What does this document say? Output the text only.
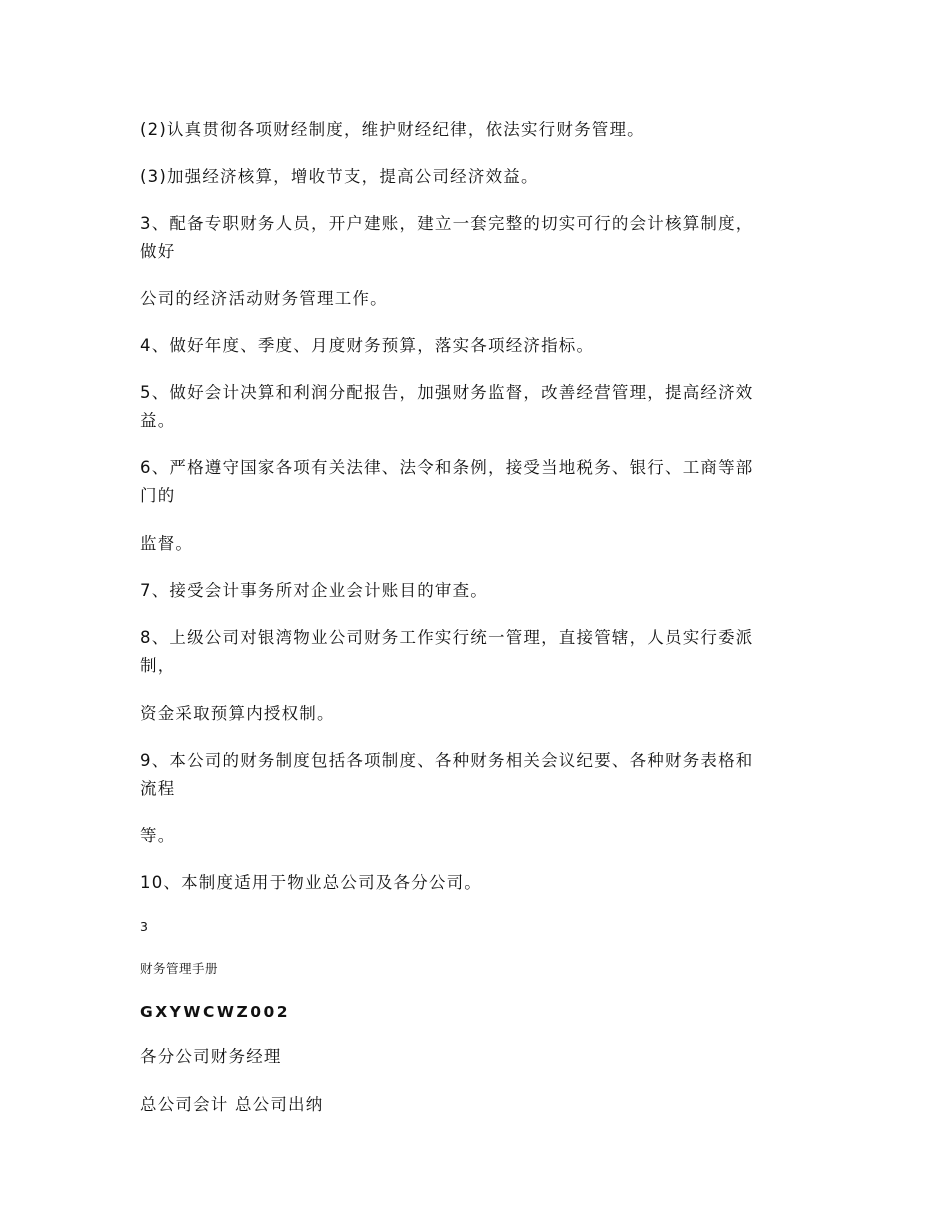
(2)认真贯彻各项财经制度，维护财经纪律，依法实行财务管理。

(3)加强经济核算，增收节支，提高公司经济效益。

3、配备专职财务人员，开户建账，建立一套完整的切实可行的会计核算制度，
做好

公司的经济活动财务管理工作。

4、做好年度、季度、月度财务预算，落实各项经济指标。

5、做好会计决算和利润分配报告，加强财务监督，改善经营管理，提高经济效
益。

6、严格遵守国家各项有关法律、法令和条例，接受当地税务、银行、工商等部
门的

监督。

7、接受会计事务所对企业会计账目的审查。

8、上级公司对银湾物业公司财务工作实行统一管理，直接管辖，人员实行委派
制，

资金采取预算内授权制。

9、本公司的财务制度包括各项制度、各种财务相关会议纪要、各种财务表格和
流程

等。

10、本制度适用于物业总公司及各分公司。

3

财务管理手册

GXYWCWZ002

各分公司财务经理

总公司会计 总公司出纳
